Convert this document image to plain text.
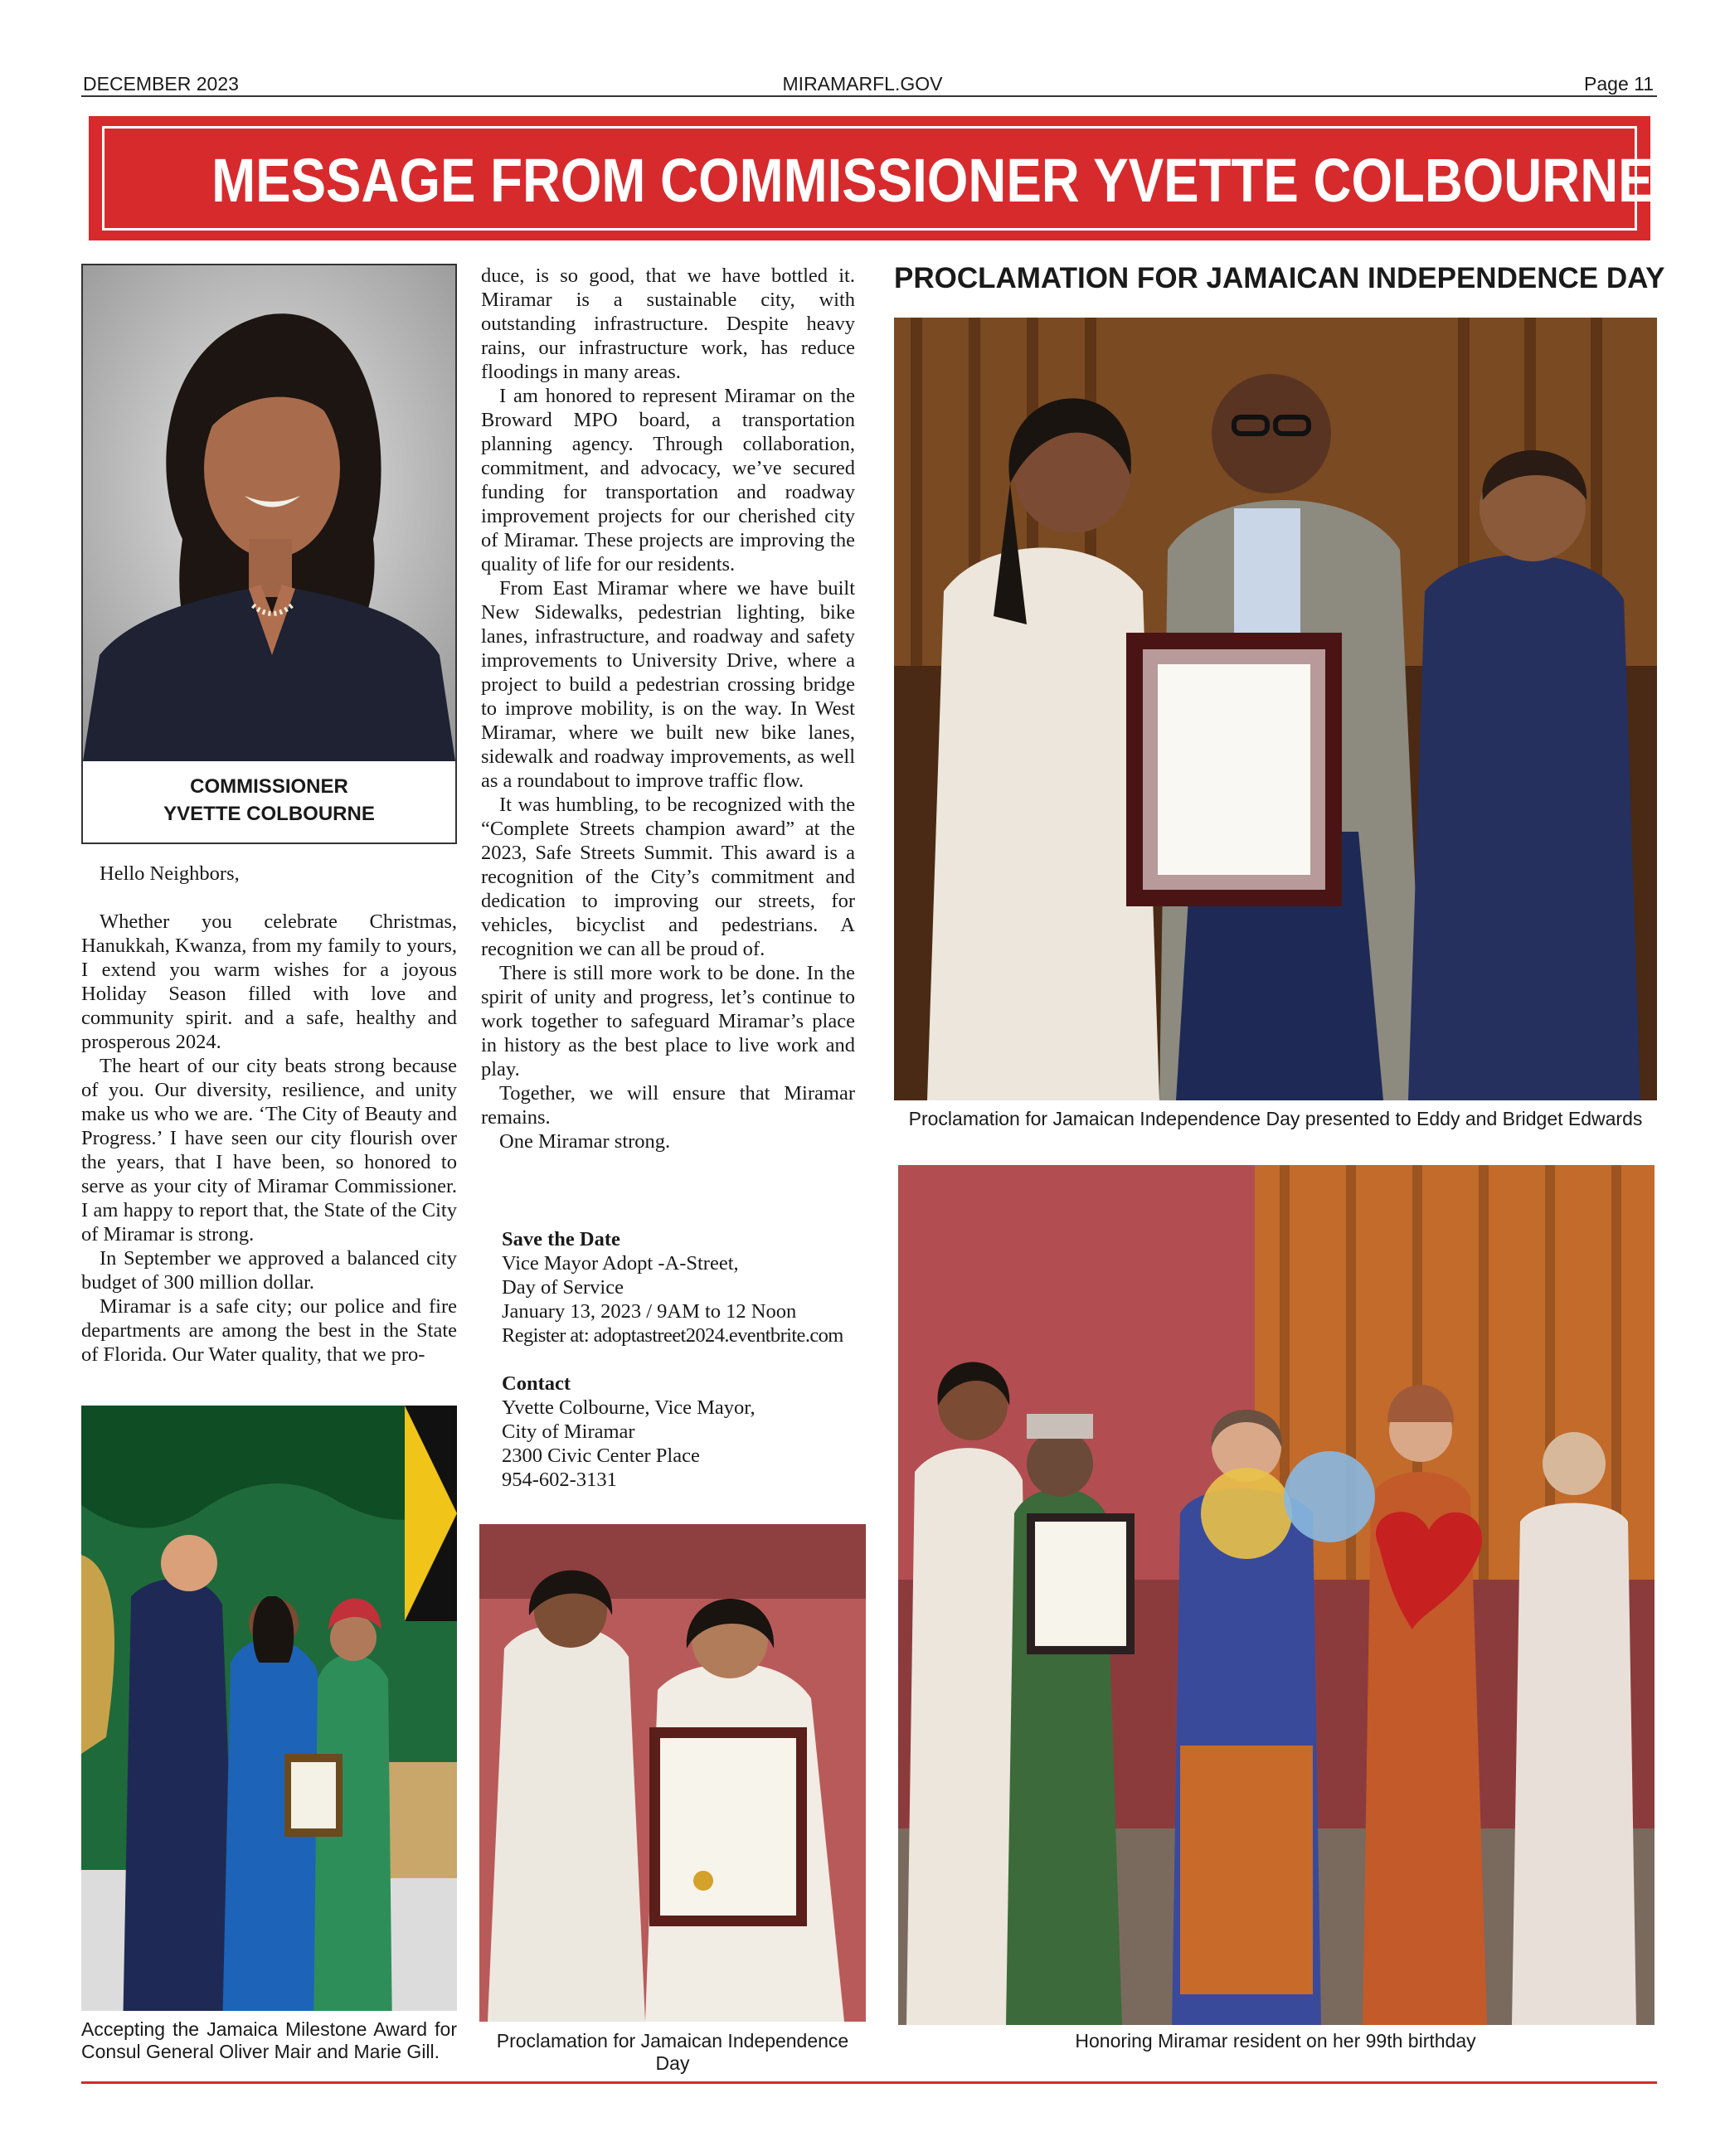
DECEMBER 2023	MIRAMARFL.GOV	Page 11
MESSAGE FROM COMMISSIONER YVETTE COLBOURNE
COMMISSIONER
YVETTE COLBOURNE

Hello Neighbors,

Whether you celebrate Christmas, Hanukkah, Kwanza, from my family to yours, I extend you warm wishes for a joyous Holiday Season filled with love and community spirit. and a safe, healthy and prosperous 2024.

The heart of our city beats strong because of you. Our diversity, resilience, and unity make us who we are. ‘The City of Beauty and Progress.’ I have seen our city flourish over the years, that I have been, so honored to serve as your city of Miramar Commissioner. I am happy to report that, the State of the City of Miramar is strong.

In September we approved a balanced city budget of 300 million dollar.

Miramar is a safe city; our police and fire departments are among the best in the State of Florida. Our Water quality, that we pro-

duce, is so good, that we have bottled it. Miramar is a sustainable city, with outstanding infrastructure. Despite heavy rains, our infrastructure work, has reduce floodings in many areas.

I am honored to represent Miramar on the Broward MPO board, a transportation planning agency. Through collaboration, commitment, and advocacy, we’ve secured funding for transportation and roadway improvement projects for our cherished city of Miramar. These projects are improving the quality of life for our residents.

From East Miramar where we have built New Sidewalks, pedestrian lighting, bike lanes, infrastructure, and roadway and safety improvements to University Drive, where a project to build a pedestrian crossing bridge to improve mobility, is on the way. In West Miramar, where we built new bike lanes, sidewalk and roadway improvements, as well as a roundabout to improve traffic flow.

It was humbling, to be recognized with the “Complete Streets champion award” at the 2023, Safe Streets Summit. This award is a recognition of the City’s commitment and dedication to improving our streets, for vehicles, bicyclist and pedestrians. A recognition we can all be proud of.

There is still more work to be done. In the spirit of unity and progress, let’s continue to work together to safeguard Miramar’s place in history as the best place to live work and play.

Together, we will ensure that Miramar remains.

One Miramar strong.

Save the Date
Vice Mayor Adopt -A-Street,
Day of Service
January 13, 2023 / 9AM to 12 Noon
Register at: adoptastreet2024.eventbrite.com
Contact
Yvette Colbourne, Vice Mayor,
City of Miramar
2300 Civic Center Place
954-602-3131
Accepting the Jamaica Milestone Award for Consul General Oliver Mair and Marie Gill.	Proclamation for Jamaican Independence Day
PROCLAMATION FOR JAMAICAN INDEPENDENCE DAY
Proclamation for Jamaican Independence Day presented to Eddy and Bridget Edwards
Honoring Miramar resident on her 99th birthday
